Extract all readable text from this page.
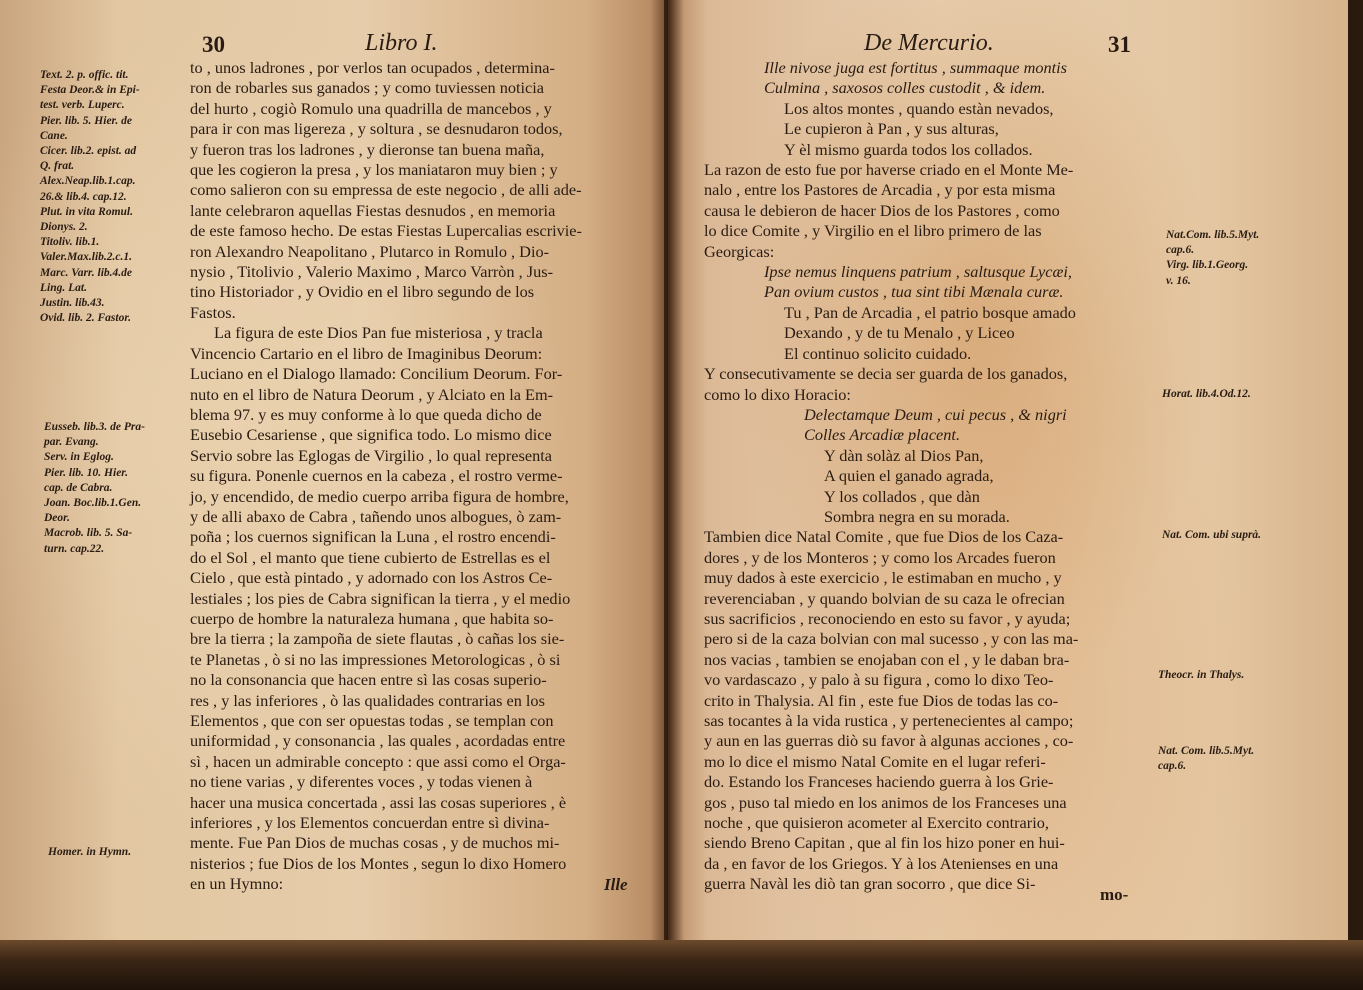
30	Libro I.
Text. 2. p. offic. tit.
Festa Deor.& in Epi-
test. verb. Luperc.
Pier. lib. 5. Hier. de
Cane.
Cicer. lib.2. epist. ad
Q. frat.
Alex.Neap.lib.1.cap.
26.& lib.4. cap.12.
Plut. in vita Romul.
Dionys. 2.
Titoliv. lib.1.
Valer.Max.lib.2.c.1.
Marc. Varr. lib.4.de
Ling. Lat.
Justin. lib.43.
Ovid. lib. 2. Fastor.
Eusseb. lib.3. de Pra-
par. Evang.
Serv. in Eglog.
Pier. lib. 10. Hier.
cap. de Cabra.
Joan. Boc.lib.1.Gen.
Deor.
Macrob. lib. 5. Sa-
turn. cap.22.
Homer. in Hymn.

to , unos ladrones , por verlos tan ocupados , determina-

ron de robarles sus ganados ; y como tuviessen noticia

del hurto , cogiò Romulo una quadrilla de mancebos , y

para ir con mas ligereza , y soltura , se desnudaron todos,

y fueron tras los ladrones , y dieronse tan buena maña,

que les cogieron la presa , y los maniataron muy bien ; y

como salieron con su empressa de este negocio , de alli ade-

lante celebraron aquellas Fiestas desnudos , en memoria

de este famoso hecho. De estas Fiestas Lupercalias escrivie-

ron Alexandro Neapolitano , Plutarco in Romulo , Dio-

nysio , Titolivio , Valerio Maximo , Marco Varròn , Jus-

tino Historiador , y Ovidio en el libro segundo de los

Fastos.

La figura de este Dios Pan fue misteriosa , y tracla

Vincencio Cartario en el libro de Imaginibus Deorum:

Luciano en el Dialogo llamado: Concilium Deorum. For-

nuto en el libro de Natura Deorum , y Alciato en la Em-

blema 97. y es muy conforme à lo que queda dicho de

Eusebio Cesariense , que significa todo. Lo mismo dice

Servio sobre las Eglogas de Virgilio , lo qual representa

su figura. Ponenle cuernos en la cabeza , el rostro verme-

jo, y encendido, de medio cuerpo arriba figura de hombre,

y de alli abaxo de Cabra , tañendo unos albogues, ò zam-

poña ; los cuernos significan la Luna , el rostro encendi-

do el Sol , el manto que tiene cubierto de Estrellas es el

Cielo , que està pintado , y adornado con los Astros Ce-

lestiales ; los pies de Cabra significan la tierra , y el medio

cuerpo de hombre la naturaleza humana , que habita so-

bre la tierra ; la zampoña de siete flautas , ò cañas los sie-

te Planetas , ò si no las impressiones Metorologicas , ò si

no la consonancia que hacen entre sì las cosas superio-

res , y las inferiores , ò las qualidades contrarias en los

Elementos , que con ser opuestas todas , se templan con

uniformidad , y consonancia , las quales , acordadas entre

sì , hacen un admirable concepto : que assi como el Orga-

no tiene varias , y diferentes voces , y todas vienen à

hacer una musica concertada , assi las cosas superiores , è

inferiores , y los Elementos concuerdan entre sì divina-

mente. Fue Pan Dios de muchas cosas , y de muchos mi-

nisterios ; fue Dios de los Montes , segun lo dixo Homero

en un Hymno:	Ille
De Mercurio.	31

Ille nivose juga est fortitus , summaque montis

Culmina , saxosos colles custodit , & idem.

Los altos montes , quando estàn nevados,

Le cupieron à Pan , y sus alturas,

Y èl mismo guarda todos los collados.

La razon de esto fue por haverse criado en el Monte Me-

nalo , entre los Pastores de Arcadia , y por esta misma

causa le debieron de hacer Dios de los Pastores , como

lo dice Comite , y Virgilio en el libro primero de las

Georgicas:

Ipse nemus linquens patrium , saltusque Lycæi,

Pan ovium custos , tua sint tibi Mænala curæ.

Tu , Pan de Arcadia , el patrio bosque amado

Dexando , y de tu Menalo , y Liceo

El continuo solicito cuidado.

Y consecutivamente se decia ser guarda de los ganados,

como lo dixo Horacio:

Delectamque Deum , cui pecus , & nigri

Colles Arcadiæ placent.

Y dàn solàz al Dios Pan,

A quien el ganado agrada,

Y los collados , que dàn

Sombra negra en su morada.

Tambien dice Natal Comite , que fue Dios de los Caza-

dores , y de los Monteros ; y como los Arcades fueron

muy dados à este exercicio , le estimaban en mucho , y

reverenciaban , y quando bolvian de su caza le ofrecian

sus sacrificios , reconociendo en esto su favor , y ayuda;

pero si de la caza bolvian con mal sucesso , y con las ma-

nos vacias , tambien se enojaban con el , y le daban bra-

vo vardascazo , y palo à su figura , como lo dixo Teo-

crito in Thalysia. Al fin , este fue Dios de todas las co-

sas tocantes à la vida rustica , y pertenecientes al campo;

y aun en las guerras diò su favor à algunas acciones , co-

mo lo dice el mismo Natal Comite en el lugar referi-

do. Estando los Franceses haciendo guerra à los Grie-

gos , puso tal miedo en los animos de los Franceses una

noche , que quisieron acometer al Exercito contrario,

siendo Breno Capitan , que al fin los hizo poner en hui-

da , en favor de los Griegos. Y à los Atenienses en una

guerra Navàl les diò tan gran socorro , que dice Si-

Nat.Com. lib.5.Myt.
cap.6.
Virg. lib.1.Georg.
v. 16.
Horat. lib.4.Od.12.
Nat. Com. ubi suprà.
Theocr. in Thalys.
Nat. Com. lib.5.Myt.
cap.6.
mo-
